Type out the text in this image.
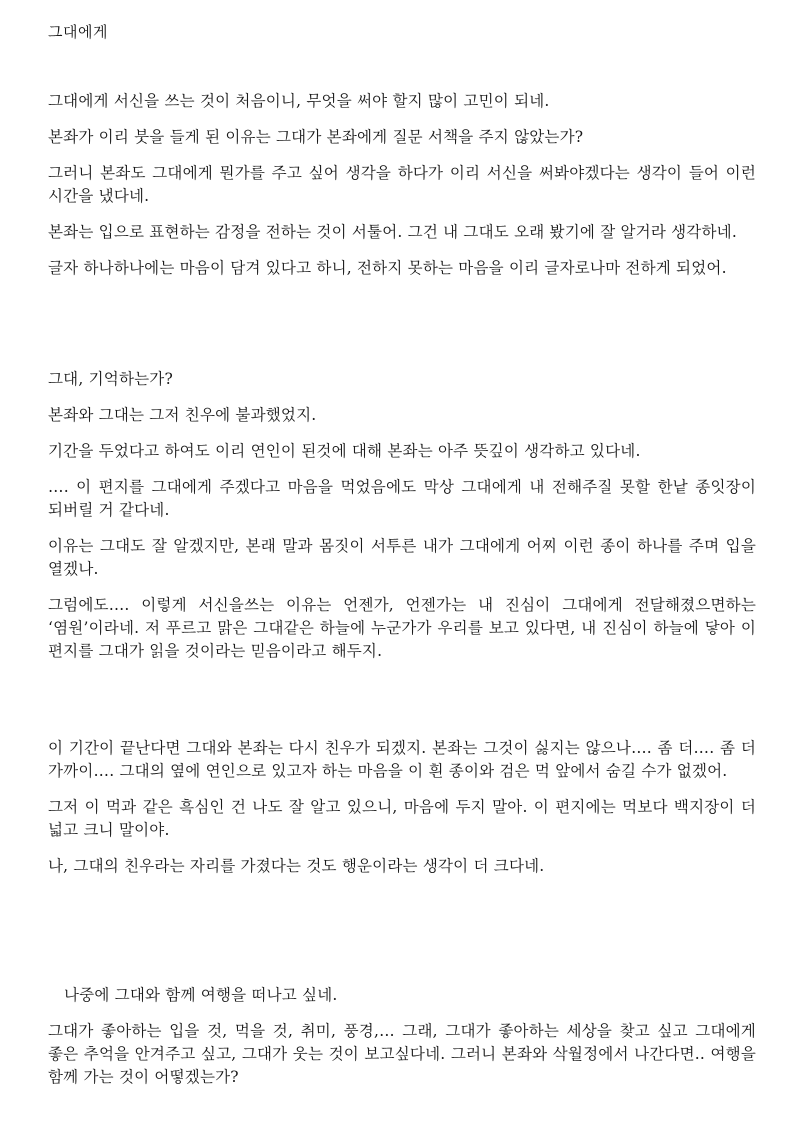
그대에게

그대에게 서신을 쓰는 것이 처음이니, 무엇을 써야 할지 많이 고민이 되네.

본좌가 이리 붓을 들게 된 이유는 그대가 본좌에게 질문 서책을 주지 않았는가?

그러니 본좌도 그대에게 뭔가를 주고 싶어 생각을 하다가 이리 서신을 써봐야겠다는 생각이 들어 이런 시간을 냈다네.

본좌는 입으로 표현하는 감정을 전하는 것이 서툴어. 그건 내 그대도 오래 봤기에 잘 알거라 생각하네.

글자 하나하나에는 마음이 담겨 있다고 하니, 전하지 못하는 마음을 이리 글자로나마 전하게 되었어.

그대, 기억하는가?

본좌와 그대는 그저 친우에 불과했었지.

기간을 두었다고 하여도 이리 연인이 된것에 대해 본좌는 아주 뜻깊이 생각하고 있다네.

…. 이 편지를 그대에게 주겠다고 마음을 먹었음에도 막상 그대에게 내 전해주질 못할 한낱 종잇장이 되버릴 거 같다네.

이유는 그대도 잘 알겠지만, 본래 말과 몸짓이 서투른 내가 그대에게 어찌 이런 종이 하나를 주며 입을 열겠나.

그럼에도…. 이렇게 서신을쓰는 이유는 언젠가, 언젠가는 내 진심이 그대에게 전달해졌으면하는 ‘염원’이라네. 저 푸르고 맑은 그대같은 하늘에 누군가가 우리를 보고 있다면, 내 진심이 하늘에 닿아 이 편지를 그대가 읽을 것이라는 믿음이라고 해두지.

이 기간이 끝난다면 그대와 본좌는 다시 친우가 되겠지. 본좌는 그것이 싫지는 않으나…. 좀 더…. 좀 더 가까이…. 그대의 옆에 연인으로 있고자 하는 마음을 이 흰 종이와 검은 먹 앞에서 숨길 수가 없겠어.

그저 이 먹과 같은 흑심인 건 나도 잘 알고 있으니, 마음에 두지 말아. 이 편지에는 먹보다 백지장이 더 넓고 크니 말이야.

나, 그대의 친우라는 자리를 가졌다는 것도 행운이라는 생각이 더 크다네.

나중에 그대와 함께 여행을 떠나고 싶네.

그대가 좋아하는 입을 것, 먹을 것, 취미, 풍경,… 그래, 그대가 좋아하는 세상을 찾고 싶고 그대에게 좋은 추억을 안겨주고 싶고, 그대가 웃는 것이 보고싶다네. 그러니 본좌와 삭월정에서 나간다면.. 여행을 함께 가는 것이 어떻겠는가?
